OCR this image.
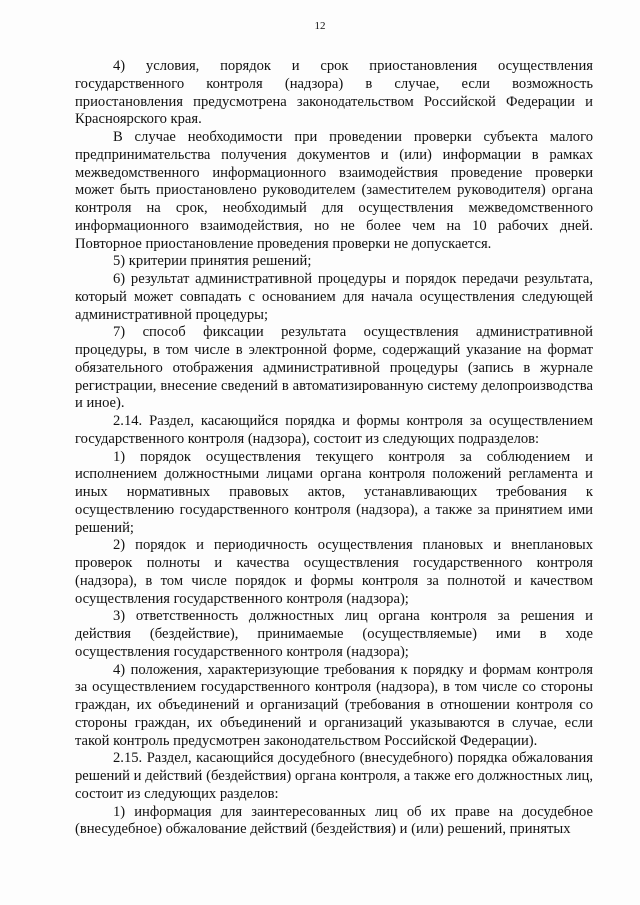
12

4) условия, порядок и срок приостановления осуществления государственного контроля (надзора) в случае, если возможность приостановления предусмотрена законодательством Российской Федерации и Красноярского края.

В случае необходимости при проведении проверки субъекта малого предпринимательства получения документов и (или) информации в рамках межведомственного информационного взаимодействия проведение проверки может быть приостановлено руководителем (заместителем руководителя) органа контроля на срок, необходимый для осуществления межведомственного информационного взаимодействия, но не более чем на 10 рабочих дней. Повторное приостановление проведения проверки не допускается.

5) критерии принятия решений;

6) результат административной процедуры и порядок передачи результата, который может совпадать с основанием для начала осуществления следующей административной процедуры;

7) способ фиксации результата осуществления административной процедуры, в том числе в электронной форме, содержащий указание на формат обязательного отображения административной процедуры (запись в журнале регистрации, внесение сведений в автоматизированную систему делопроизводства и иное).

2.14. Раздел, касающийся порядка и формы контроля за осуществлением государственного контроля (надзора), состоит из следующих подразделов:

1) порядок осуществления текущего контроля за соблюдением и исполнением должностными лицами органа контроля положений регламента и иных нормативных правовых актов, устанавливающих требования к осуществлению государственного контроля (надзора), а также за принятием ими решений;

2) порядок и периодичность осуществления плановых и внеплановых проверок полноты и качества осуществления государственного контроля (надзора), в том числе порядок и формы контроля за полнотой и качеством осуществления государственного контроля (надзора);

3) ответственность должностных лиц органа контроля за решения и действия (бездействие), принимаемые (осуществляемые) ими в ходе осуществления государственного контроля (надзора);

4) положения, характеризующие требования к порядку и формам контроля за осуществлением государственного контроля (надзора), в том числе со стороны граждан, их объединений и организаций (требования в отношении контроля со стороны граждан, их объединений и организаций указываются в случае, если такой контроль предусмотрен законодательством Российской Федерации).

2.15. Раздел, касающийся досудебного (внесудебного) порядка обжалования решений и действий (бездействия) органа контроля, а также его должностных лиц, состоит из следующих разделов:

1) информация для заинтересованных лиц об их праве на досудебное (внесудебное) обжалование действий (бездействия) и (или) решений, принятых
